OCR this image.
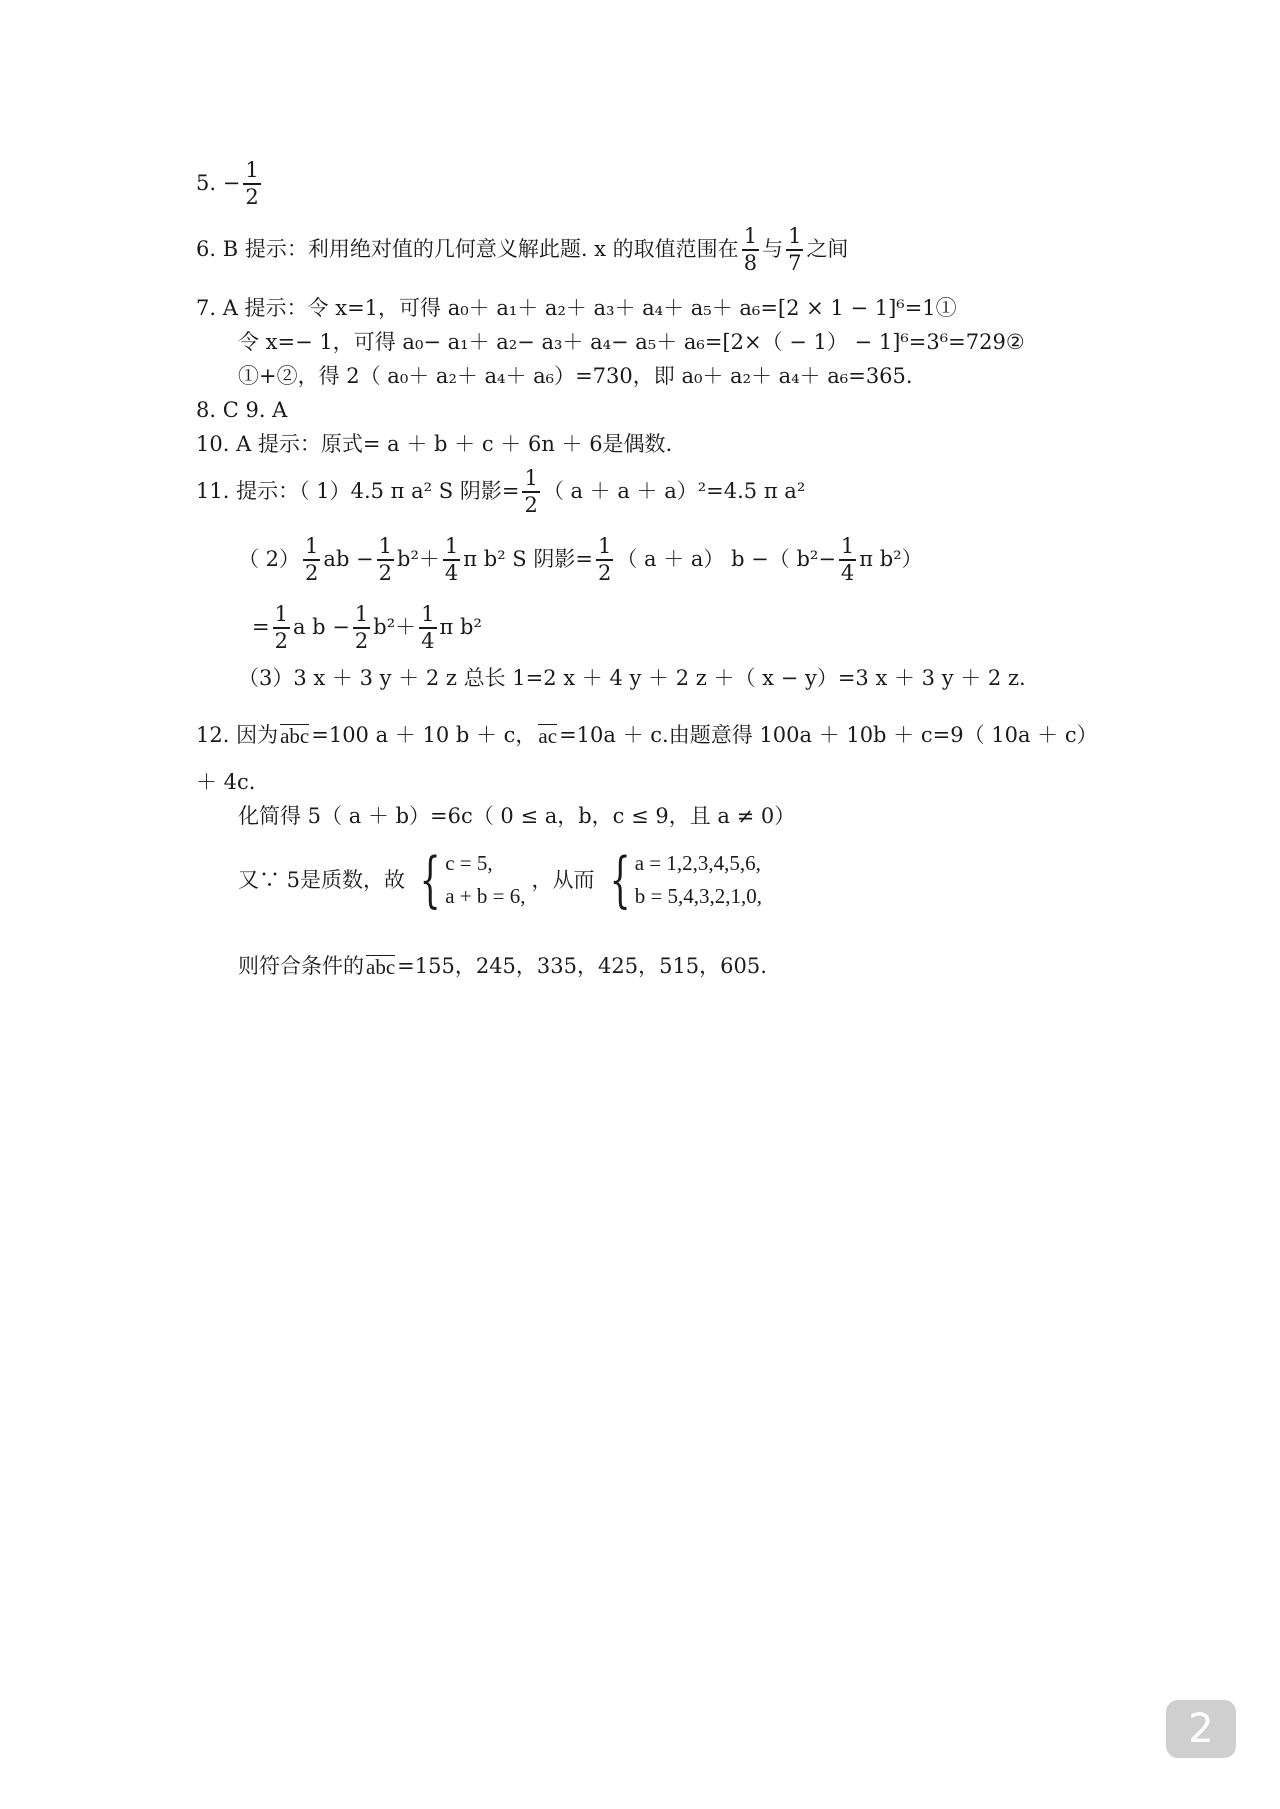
5. − $\frac{1}{2}$
6. B 提示：利用绝对值的几何意义解此题. x 的取值范围在 $\frac{1}{8}$ 与 $\frac{1}{7}$ 之间
7. A 提示：令 x=1，可得 a₀＋ a₁＋ a₂＋ a₃＋ a₄＋ a₅＋ a₆=[2 × 1 − 1]⁶=1①
令 x=− 1，可得 a₀− a₁＋ a₂− a₃＋ a₄− a₅＋ a₆=[2×（ − 1） − 1]⁶=3⁶=729②
①+②，得 2（ a₀＋ a₂＋ a₄＋ a₆）=730，即 a₀＋ a₂＋ a₄＋ a₆=365.
8. C 9. A
10. A 提示：原式= a ＋ b ＋ c ＋ 6n ＋ 6是偶数.
11. 提示：（ 1）4.5 π a² S 阴影= $\frac{1}{2}$ （ a ＋ a ＋ a）²=4.5 π a²
（ $2) \frac{1}{2}$ ab − $\frac{1}{2} b^2+ \frac{1}{4}$ π b² S 阴影= $\frac{1}{2}$ （ a ＋ a） b −（ $b^2- \frac{1}{4}$ π b²）
= $\frac{1}{2}$ a $b - \frac{1}{2} b^2+ \frac{1}{4}$ π b²
（3）3 x ＋ 3 y ＋ 2 z 总长 1=2 x ＋ 4 y ＋ 2 z ＋（ x − y）=3 x ＋ 3 y ＋ 2 z.
12. 因为 abc =100 a ＋ 10 b ＋ c， ac =10a ＋ c.由题意得 100a ＋ 10b ＋ c=9（ 10a ＋ c）
＋ 4c.
化简得 5（ a ＋ b）=6c（ 0 ≤ a，b，c ≤ 9，且 a ≠ 0）
又∵ 5是质数，故 { c = 5,
a + b = 6,
，从而 { a = 1,2,3,4,5,6,
b = 5,4,3,2,1,0,
则符合条件的 abc =155，245，335，425，515，605.
2
